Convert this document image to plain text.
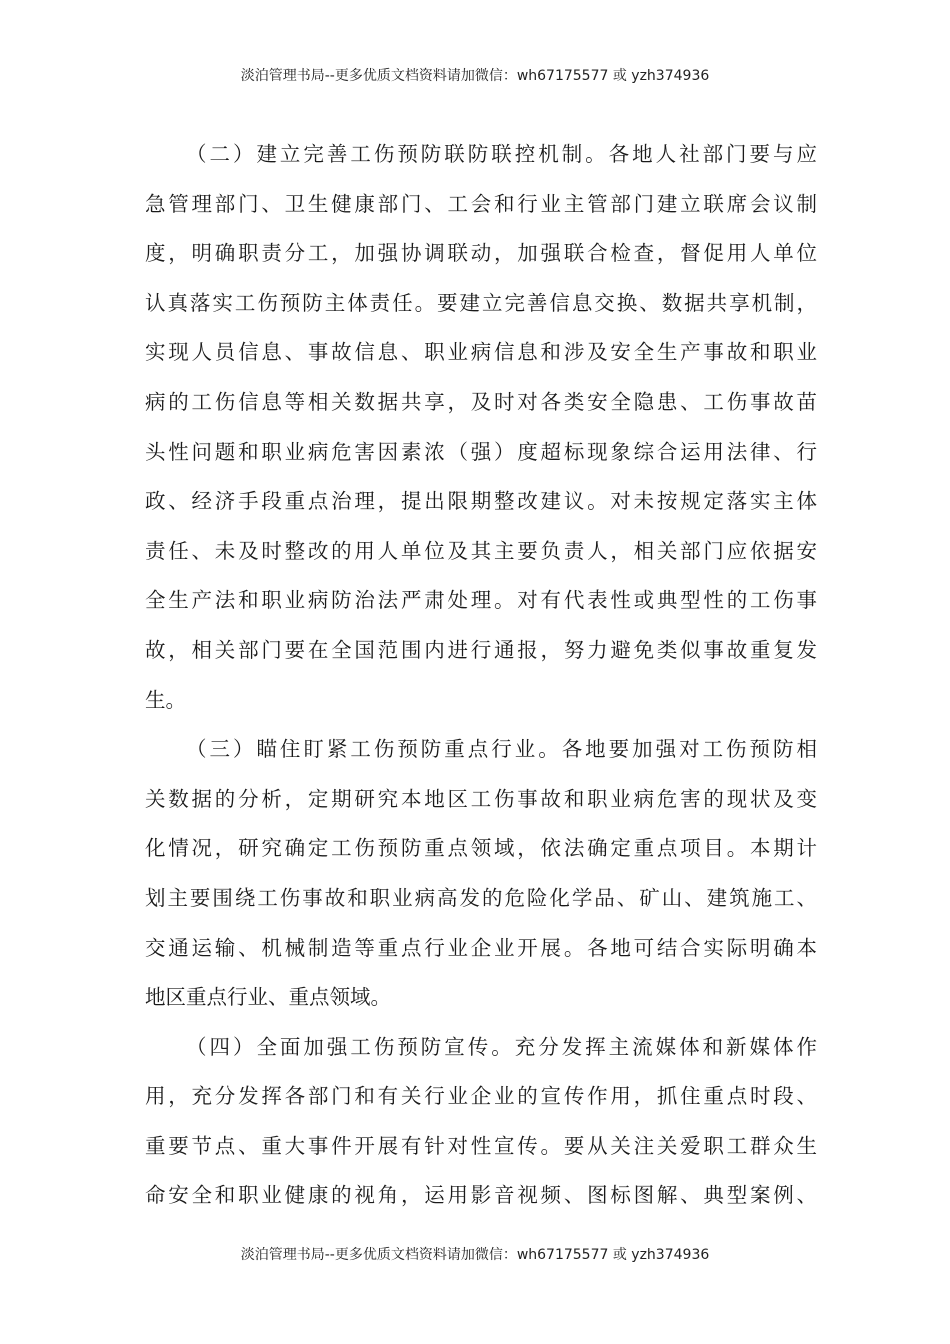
淡泊管理书局--更多优质文档资料请加微信：wh67175577 或 yzh374936
（二）建立完善工伤预防联防联控机制。各地人社部门要与应
急管理部门、卫生健康部门、工会和行业主管部门建立联席会议制
度，明确职责分工，加强协调联动，加强联合检查，督促用人单位
认真落实工伤预防主体责任。要建立完善信息交换、数据共享机制，
实现人员信息、事故信息、职业病信息和涉及安全生产事故和职业
病的工伤信息等相关数据共享，及时对各类安全隐患、工伤事故苗
头性问题和职业病危害因素浓（强）度超标现象综合运用法律、行
政、经济手段重点治理，提出限期整改建议。对未按规定落实主体
责任、未及时整改的用人单位及其主要负责人，相关部门应依据安
全生产法和职业病防治法严肃处理。对有代表性或典型性的工伤事
故，相关部门要在全国范围内进行通报，努力避免类似事故重复发
生。
（三）瞄住盯紧工伤预防重点行业。各地要加强对工伤预防相
关数据的分析，定期研究本地区工伤事故和职业病危害的现状及变
化情况，研究确定工伤预防重点领域，依法确定重点项目。本期计
划主要围绕工伤事故和职业病高发的危险化学品、矿山、建筑施工、
交通运输、机械制造等重点行业企业开展。各地可结合实际明确本
地区重点行业、重点领域。
（四）全面加强工伤预防宣传。充分发挥主流媒体和新媒体作
用，充分发挥各部门和有关行业企业的宣传作用，抓住重点时段、
重要节点、重大事件开展有针对性宣传。要从关注关爱职工群众生
命安全和职业健康的视角，运用影音视频、图标图解、典型案例、
淡泊管理书局--更多优质文档资料请加微信：wh67175577 或 yzh374936
